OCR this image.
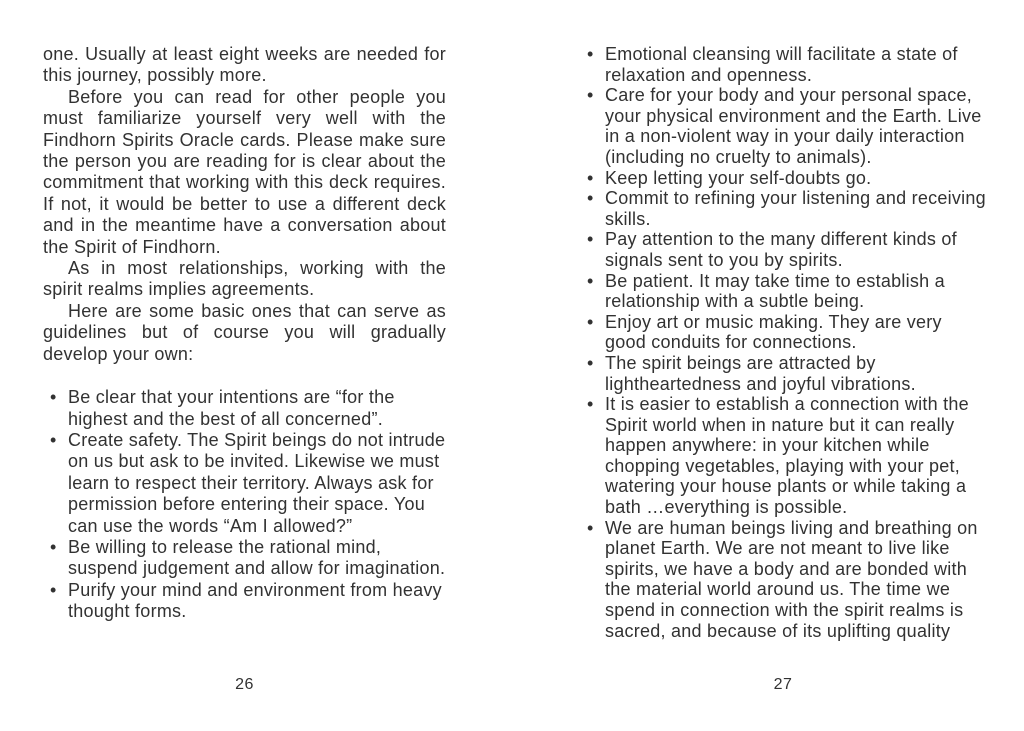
one. Usually at least eight weeks are needed for this journey, possibly more.

Before you can read for other people you must familiarize yourself very well with the Findhorn Spirits Oracle cards. Please make sure the person you are reading for is clear about the commitment that working with this deck requires. If not, it would be better to use a different deck and in the meantime have a conversation about the Spirit of Findhorn.

As in most relationships, working with the spirit realms implies agreements.

Here are some basic ones that can serve as guidelines but of course you will gradually develop your own:

• Be clear that your intentions are “for the highest and the best of all concerned”.
• Create safety. The Spirit beings do not intrude on us but ask to be invited. Likewise we must learn to respect their territory. Always ask for permission before entering their space. You can use the words “Am I allowed?”
• Be willing to release the rational mind, suspend judgement and allow for imagination.
• Purify your mind and environment from heavy thought forms.
26
• Emotional cleansing will facilitate a state of relaxation and openness.
• Care for your body and your personal space, your physical environment and the Earth. Live in a non-violent way in your daily interaction (including no cruelty to animals).
• Keep letting your self-doubts go.
• Commit to refining your listening and receiving skills.
• Pay attention to the many different kinds of signals sent to you by spirits.
• Be patient. It may take time to establish a relationship with a subtle being.
• Enjoy art or music making. They are very good conduits for connections.
• The spirit beings are attracted by lightheartedness and joyful vibrations.
• It is easier to establish a connection with the Spirit world when in nature but it can really happen anywhere: in your kitchen while chopping vegetables, playing with your pet, watering your house plants or while taking a bath …everything is possible.
• We are human beings living and breathing on planet Earth. We are not meant to live like spirits, we have a body and are bonded with the material world around us. The time we spend in connection with the spirit realms is sacred, and because of its uplifting quality
27
